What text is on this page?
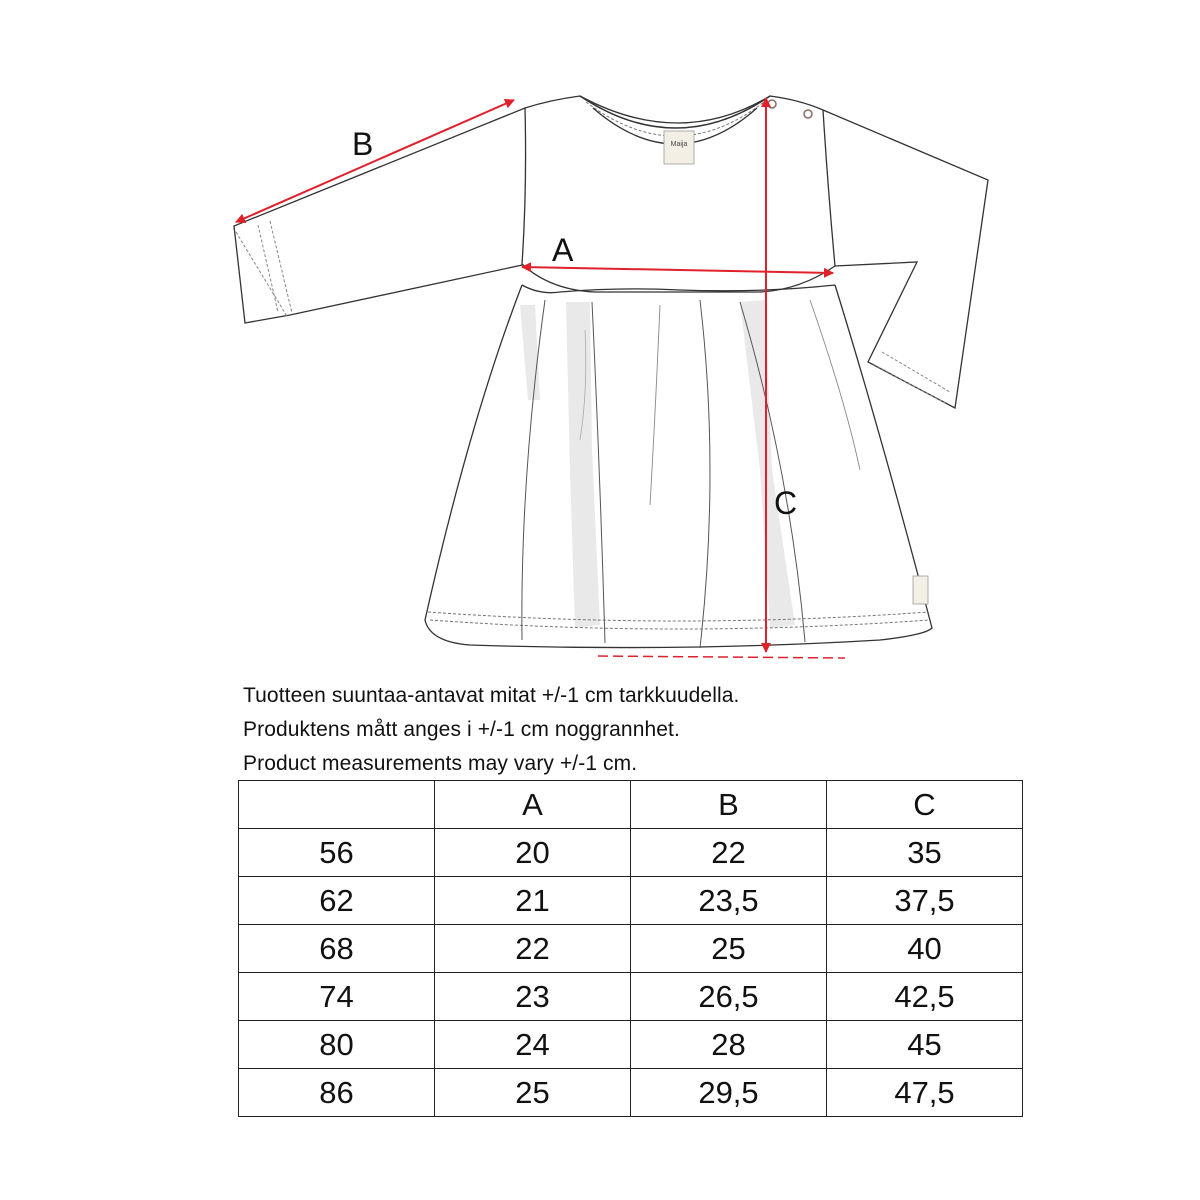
Maija
B
A
C

Tuotteen suuntaa-antavat mitat +/-1 cm tarkkuudella.

Produktens mått anges i +/-1 cm noggrannhet.

Product measurements may vary +/-1 cm.

	A	B	C
56	20	22	35
62	21	23,5	37,5
68	22	25	40
74	23	26,5	42,5
80	24	28	45
86	25	29,5	47,5
